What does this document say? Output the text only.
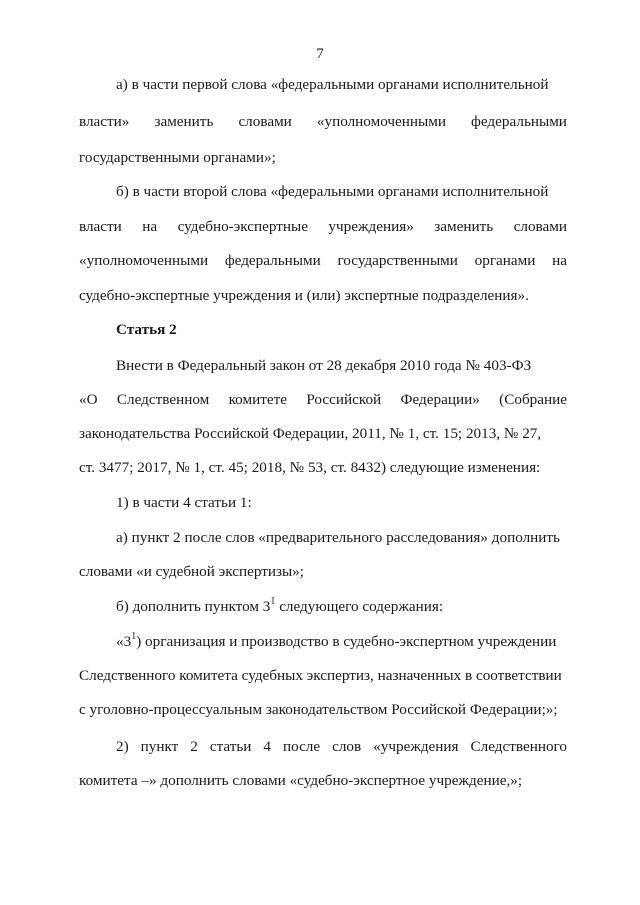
7
а) в части первой слова «федеральными органами исполнительной
власти» заменить словами «уполномоченными федеральными
государственными органами»;
б) в части второй слова «федеральными органами исполнительной
власти на судебно-экспертные учреждения» заменить словами
«уполномоченными федеральными государственными органами на
судебно-экспертные учреждения и (или) экспертные подразделения».
Статья 2
Внести в Федеральный закон от 28 декабря 2010 года № 403-ФЗ
«О Следственном комитете Российской Федерации» (Собрание
законодательства Российской Федерации, 2011, № 1, ст. 15; 2013, № 27,
ст. 3477; 2017, № 1, ст. 45; 2018, № 53, ст. 8432) следующие изменения:
1) в части 4 статьи 1:
а) пункт 2 после слов «предварительного расследования» дополнить
словами «и судебной экспертизы»;
б) дополнить пунктом $3^1$ следующего содержания:
«$3^1$) организация и производство в судебно-экспертном учреждении
Следственного комитета судебных экспертиз, назначенных в соответствии
с уголовно-процессуальным законодательством Российской Федерации;»;
2) пункт 2 статьи 4 после слов «учреждения Следственного
комитета –» дополнить словами «судебно-экспертное учреждение,»;
